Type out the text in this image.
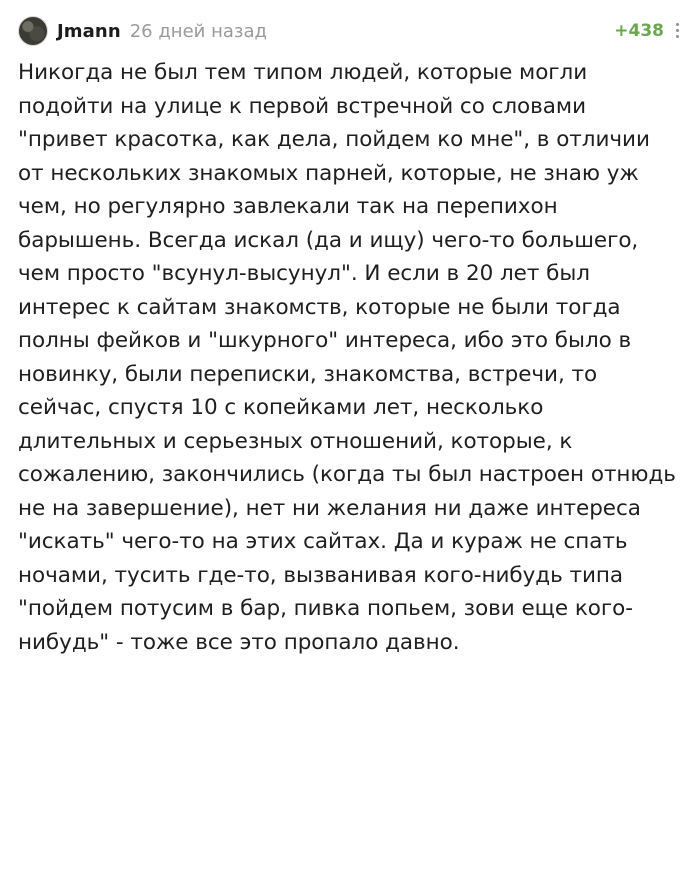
Jmann 26 дней назад	+438
Никогда не был тем типом людей, которые могли подойти на улице к первой встречной со словами "привет красотка, как дела, пойдем ко мне", в отличии от нескольких знакомых парней, которые, не знаю уж чем, но регулярно завлекали так на перепихон барышень. Всегда искал (да и ищу) чего-то большего, чем просто "всунул-высунул". И если в 20 лет был интерес к сайтам знакомств, которые не были тогда полны фейков и "шкурного" интереса, ибо это было в новинку, были переписки, знакомства, встречи, то сейчас, спустя 10 с копейками лет, несколько длительных и серьезных отношений, которые, к сожалению, закончились (когда ты был настроен отнюдь не на завершение), нет ни желания ни даже интереса "искать" чего-то на этих сайтах. Да и кураж не спать ночами, тусить где-то, вызванивая кого-нибудь типа "пойдем потусим в бар, пивка попьем, зови еще кого-нибудь" - тоже все это пропало давно.
